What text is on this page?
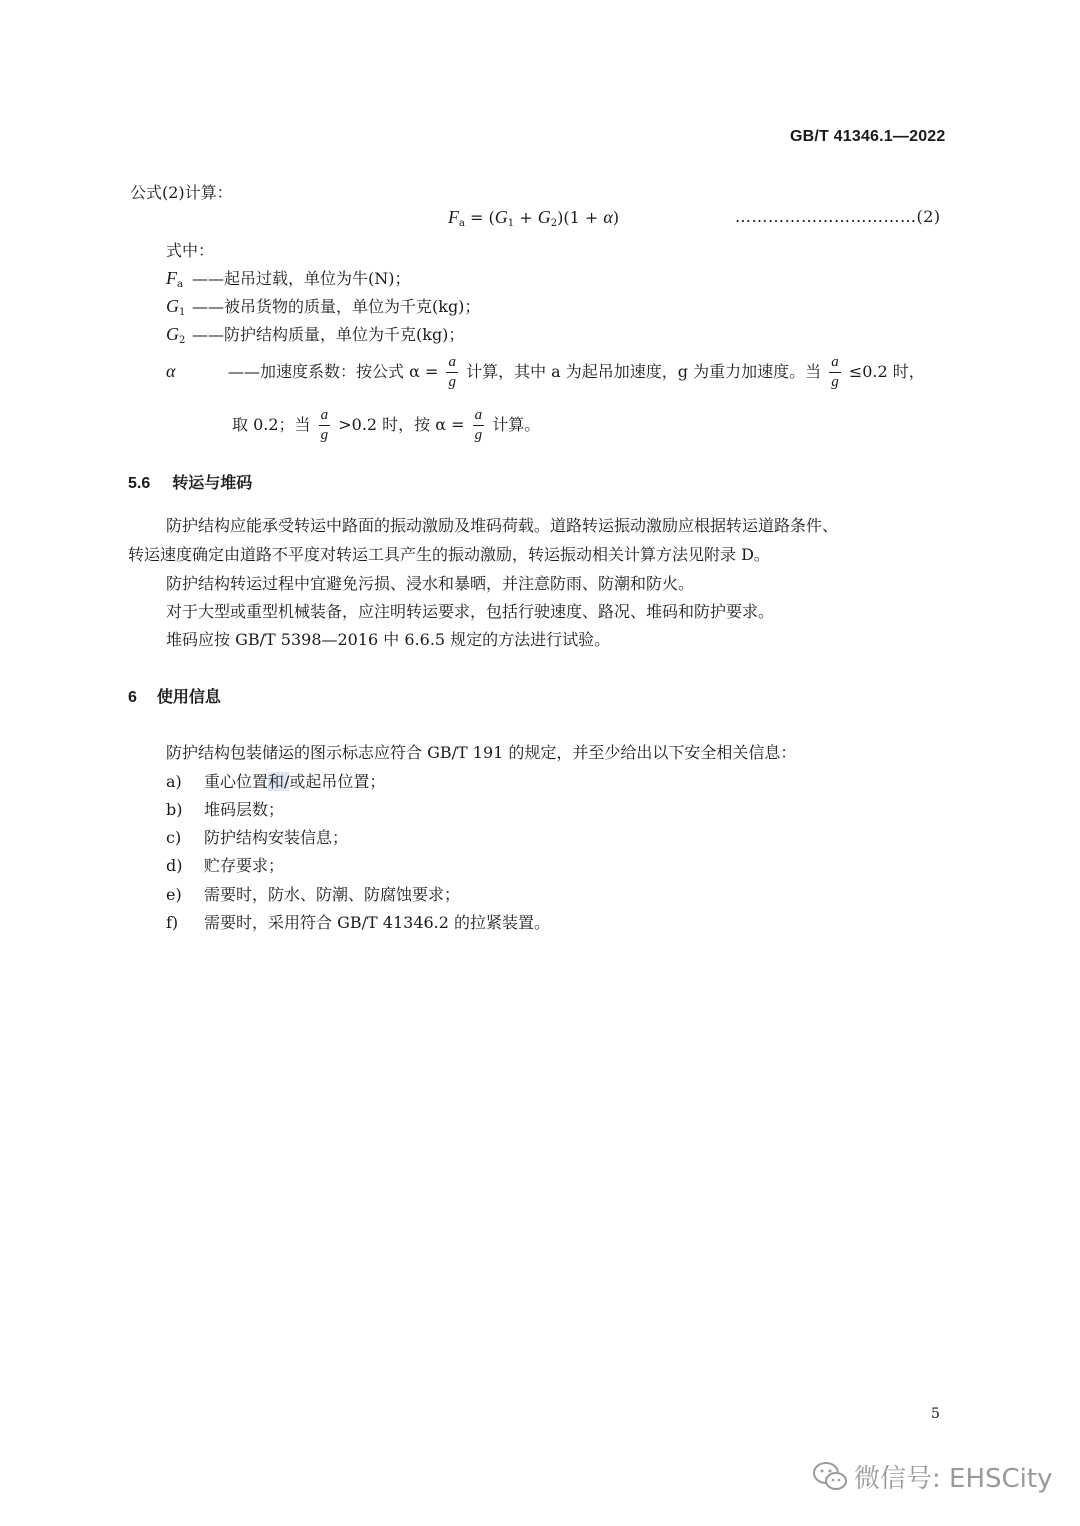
GB/T 41346.1—2022
公式(2)计算：
$F_a = (G_1 + G_2)(1 + \alpha)$	……………………………(2)
式中：
$F_a$ ——起吊过载，单位为牛(N)；
$G_1$ ——被吊货物的质量，单位为千克(kg)；
$G_2$ ——防护结构质量，单位为千克(kg)；
α	——加速度系数：按公式 $\alpha = \frac{a}{g}$ 计算，其中 a 为起吊加速度，g 为重力加速度。当 $\frac{a}{g} \le 0.2$ 时，
取 0.2；当 $\frac{a}{g} >0.2$ 时，按 $\alpha = \frac{a}{g}$ 计算。
5.6 转运与堆码
防护结构应能承受转运中路面的振动激励及堆码荷载。道路转运振动激励应根据转运道路条件、
转运速度确定由道路不平度对转运工具产生的振动激励，转运振动相关计算方法见附录 D。
防护结构转运过程中宜避免污损、浸水和暴晒，并注意防雨、防潮和防火。
对于大型或重型机械装备，应注明转运要求，包括行驶速度、路况、堆码和防护要求。
堆码应按 GB/T 5398—2016 中 6.6.5 规定的方法进行试验。
6 使用信息
防护结构包装储运的图示标志应符合 GB/T 191 的规定，并至少给出以下安全相关信息：
a) 重心位置和/或起吊位置；
b) 堆码层数；
c) 防护结构安装信息；
d) 贮存要求；
e) 需要时，防水、防潮、防腐蚀要求；
f) 需要时，采用符合 GB/T 41346.2 的拉紧装置。
5
微信号: EHSCity
